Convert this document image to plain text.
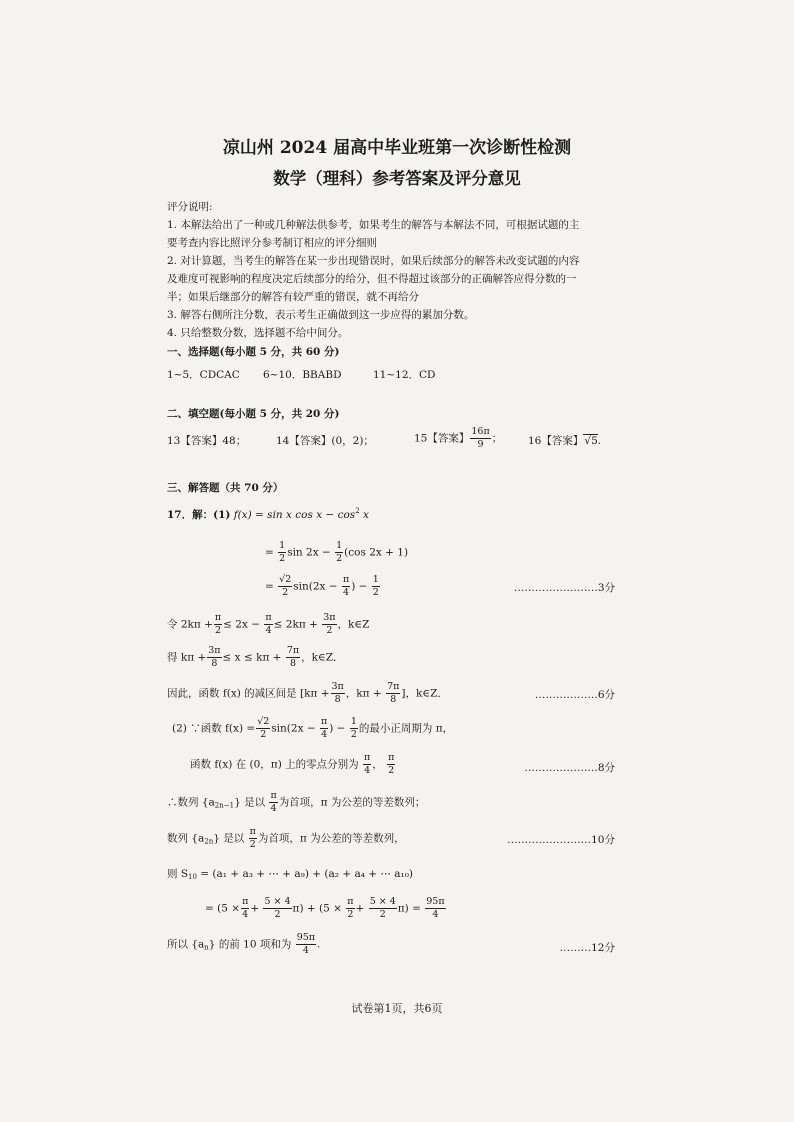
凉山州 2024 届高中毕业班第一次诊断性检测
数学（理科）参考答案及评分意见
评分说明:
1. 本解法给出了一种或几种解法供参考，如果考生的解答与本解法不同，可根据试题的主
要考查内容比照评分参考制订相应的评分细则
2. 对计算题，当考生的解答在某一步出现错误时，如果后续部分的解答未改变试题的内容
及难度可视影响的程度决定后续部分的给分，但不得超过该部分的正确解答应得分数的一
半；如果后继部分的解答有较严重的错误，就不再给分
3. 解答右侧所注分数，表示考生正确做到这一步应得的累加分数。
4. 只给整数分数，选择题不给中间分。
一、选择题(每小题 5 分，共 60 分)
1~5．CDCAC 6~10．BBABD	11~12．CD
二、填空题(每小题 5 分，共 20 分)
13【答案】48；	14【答案】(0，2)；	15【答案】 $\frac{16\pi}{9}$ ； 16【答案】√5.
三、解答题（共 70 分）
17．解：(1) f(x) = sin x $\cos x - \cos^2 x$
= $\frac{1}{2}$ $\sin 2x - \frac{1}{2} (\cos$ 2x + 1)
= $\frac{√2}{2} \sin(2x - \frac{\pi}{4}$ ) − $\frac{1}{2}$	……………………3分
令 $2k\pi + \frac{\pi}{2} \le 2x - \frac{\pi}{4} \le 2k\pi + \frac{3\pi}{2}$ ，k∈Z
得 $k\pi + \frac{3\pi}{8} \le x \le k\pi + \frac{7\pi}{8}$ ，k∈Z．
因此，函数 f(x) 的减区间是 [$k\pi + \frac{3\pi}{8}$ ，$k\pi + \frac{7\pi}{8}$ ]，k∈Z．	………………6分
(2) ∵函数 $f(x) = \frac{√2}{2} \sin(2x - \frac{\pi}{4}$ ) − $\frac{1}{2}$ 的最小正周期为 π，
函数 f(x) 在 (0，π) 上的零点分别为 $\frac{\pi}{4}$ ， $\frac{\pi}{2}$	…………………8分
∴数列 $\{a_{2n-1}\}$ 是以 $\frac{\pi}{4}$ 为首项，π 为公差的等差数列；
数列 $\{a_{2n}\}$ 是以 $\frac{\pi}{2}$ 为首项，π 为公差的等差数列，	……………………10分
则 $S_{10} = (a_1 + a_3$ + ⋯ + a₉) + (a₂ + a₄ + ⋯ a₁₀)
= $(5 \times \frac{\pi}{4} + \frac{5 \times 4}{2} \pi) + (5 \times \frac{\pi}{2} + \frac{5 \times 4}{2} \pi) = \frac{95\pi}{4}$
所以 $\{a_n\}$ 的前 10 项和为 $\frac{95\pi}{4}$ .	………12分
试卷第1页，共6页
